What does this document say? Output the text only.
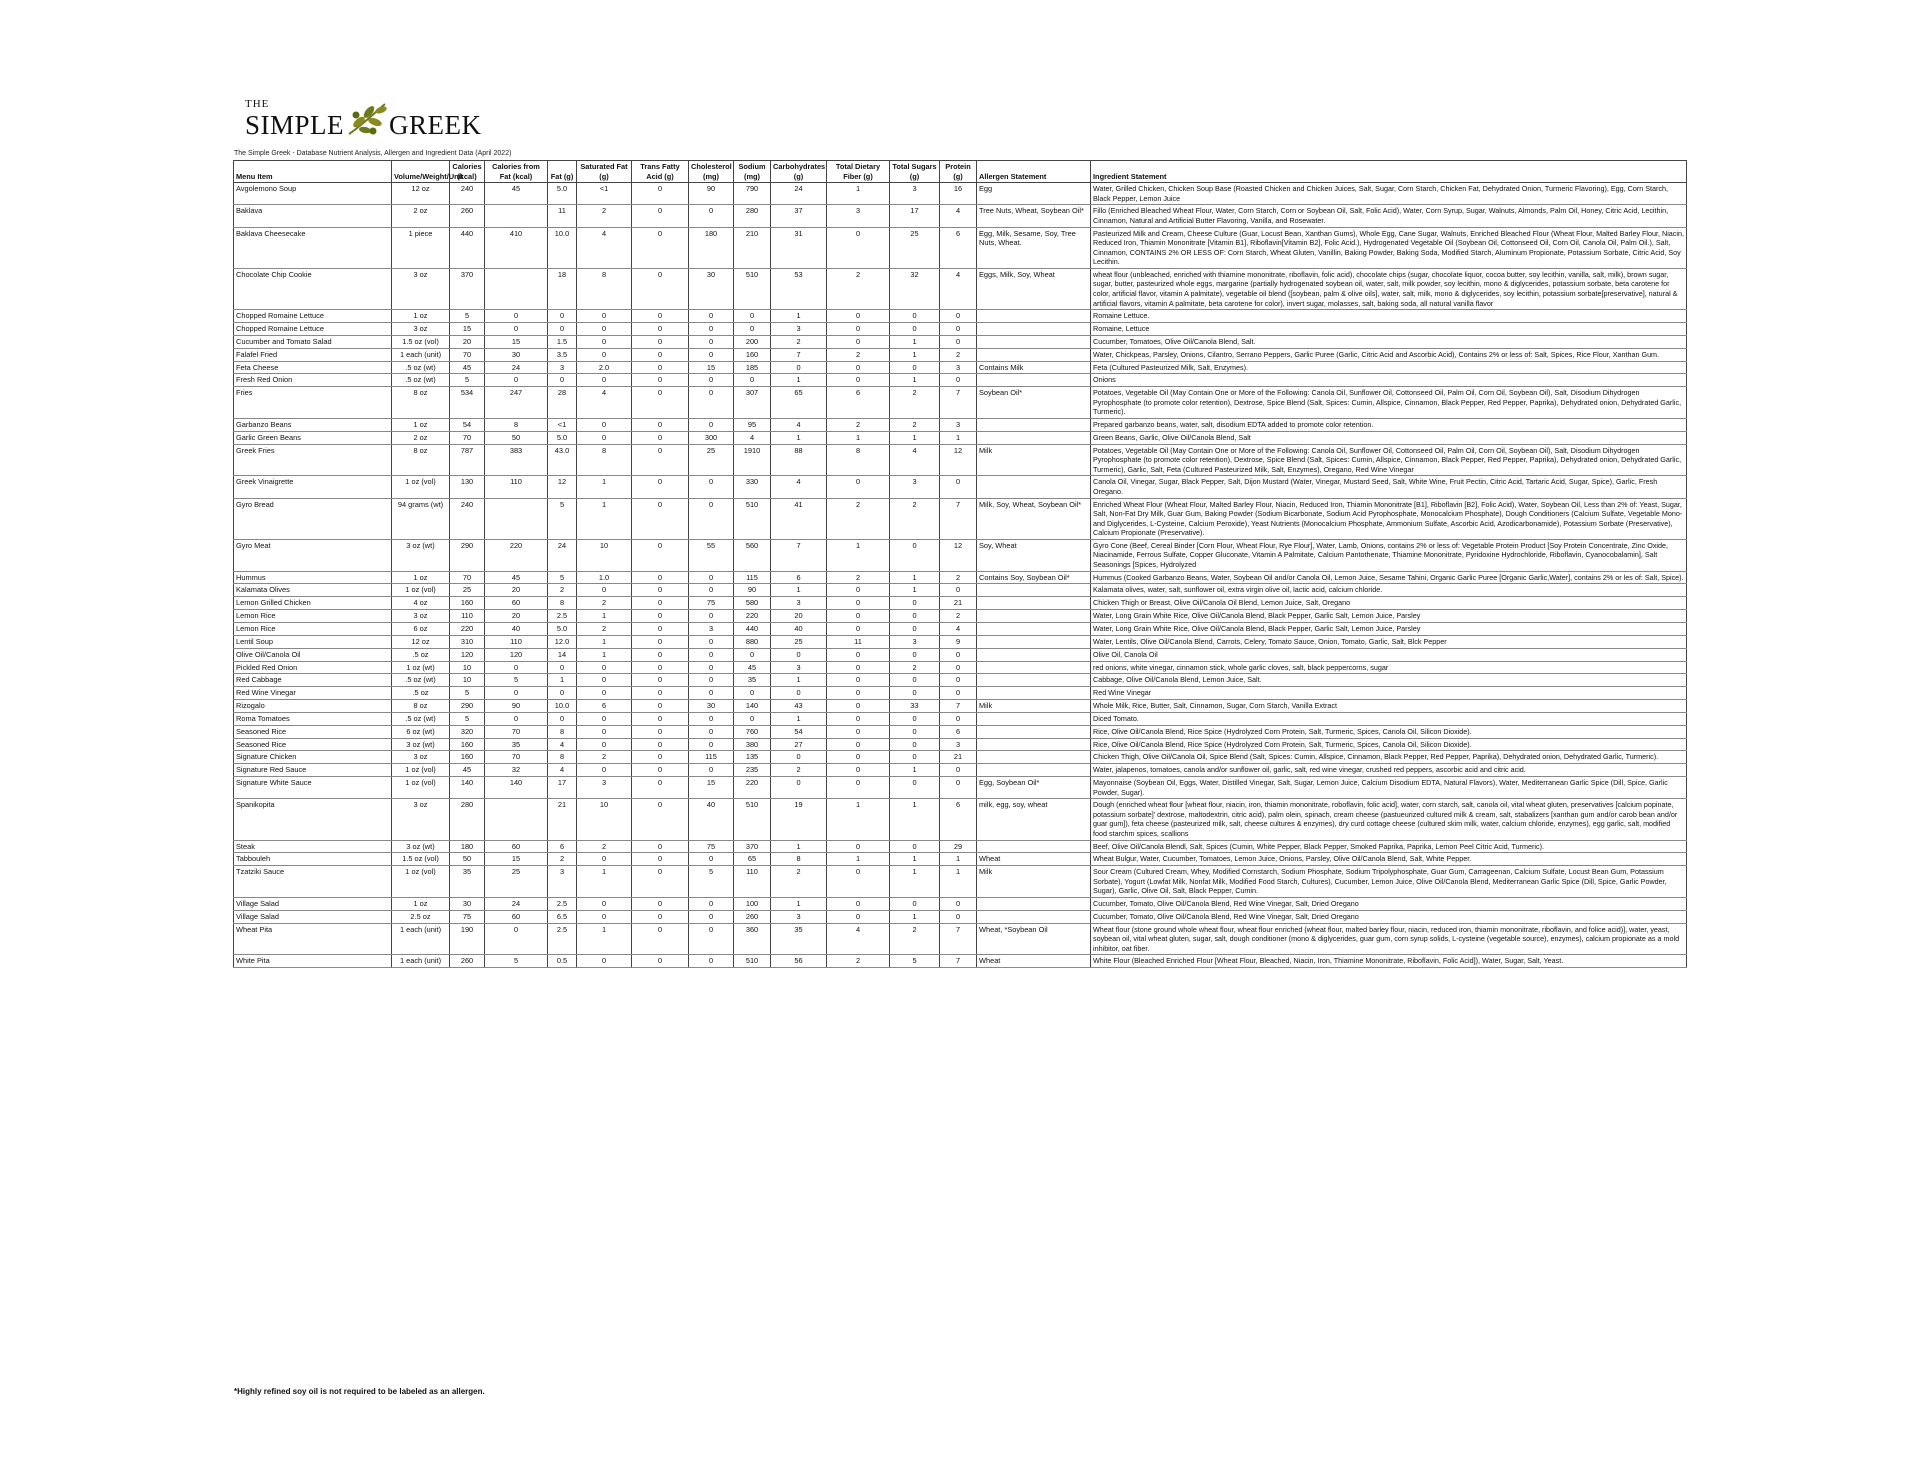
THE
SIMPLE GREEK
The Simple Greek - Database Nutrient Analysis, Allergen and Ingredient Data (April 2022)
Menu Item	Volume/Weight/Unit	Calories (kcal)	Calories from Fat (kcal)	Fat (g)	Saturated Fat (g)	Trans Fatty Acid (g)	Cholesterol (mg)	Sodium (mg)	Carbohydrates (g)	Total Dietary Fiber (g)	Total Sugars (g)	Protein (g)	Allergen Statement	Ingredient Statement
Avgolemono Soup	12 oz	240	45	5.0	<1	0	90	790	24	1	3	16	Egg	Water, Grilled Chicken, Chicken Soup Base (Roasted Chicken and Chicken Juices, Salt, Sugar, Corn Starch, Chicken Fat, Dehydrated Onion, Turmeric Flavoring), Egg, Corn Starch, Black Pepper, Lemon Juice
Baklava	2 oz	260		11	2	0	0	280	37	3	17	4	Tree Nuts, Wheat, Soybean Oil*	Fillo (Enriched Bleached Wheat Flour, Water, Corn Starch, Corn or Soybean Oil, Salt, Folic Acid), Water, Corn Syrup, Sugar, Walnuts, Almonds, Palm Oil, Honey, Citric Acid, Lecithin, Cinnamon, Natural and Artificial Butter Flavoring, Vanilla, and Rosewater.
Baklava Cheesecake	1 piece	440	410	10.0	4	0	180	210	31	0	25	6	Egg, Milk, Sesame, Soy, Tree Nuts, Wheat.	Pasteurized Milk and Cream, Cheese Culture (Guar, Locust Bean, Xanthan Gums), Whole Egg, Cane Sugar, Walnuts, Enriched Bleached Flour (Wheat Flour, Malted Barley Flour, Niacin, Reduced Iron, Thiamin Mononitrate [Vitamin B1], Riboflavin[Vitamin B2], Folic Acid.), Hydrogenated Vegetable Oil (Soybean Oil, Cottonseed Oil, Corn Oil, Canola Oil, Palm Oil.), Salt, Cinnamon, CONTAINS 2% OR LESS OF: Corn Starch, Wheat Gluten, Vanillin, Baking Powder, Baking Soda, Modified Starch, Aluminum Propionate, Potassium Sorbate, Citric Acid, Soy Lecithin.
Chocolate Chip Cookie	3 oz	370		18	8	0	30	510	53	2	32	4	Eggs, Milk, Soy, Wheat	wheat flour (unbleached, enriched with thiamine mononitrate, riboflavin, folic acid), chocolate chips (sugar, chocolate liquor, cocoa butter, soy lecithin, vanilla, salt, milk), brown sugar, sugar, butter, pasteurized whole eggs, margarine (partially hydrogenated soybean oil, water, salt, milk powder, soy lecithin, mono & diglycerides, potassium sorbate, beta carotene for color, artificial flavor, vitamin A palmitate), vegetable oil blend ([soybean, palm & olive oils], water, salt, milk, mono & diglycerides, soy lecithin, potassium sorbate[preservative], natural & artificial flavors, vitamin A palmitate, beta carotene for color), invert sugar, molasses, salt, baking soda, all natural vanilla flavor
Chopped Romaine Lettuce	1 oz	5	0	0	0	0	0	0	1	0	0	0		Romaine Lettuce.
Chopped Romaine Lettuce	3 oz	15	0	0	0	0	0	0	3	0	0	0		Romaine, Lettuce
Cucumber and Tomato Salad	1.5 oz (vol)	20	15	1.5	0	0	0	200	2	0	1	0		Cucumber, Tomatoes, Olive Oil/Canola Blend, Salt.
Falafel Fried	1 each (unit)	70	30	3.5	0	0	0	160	7	2	1	2		Water, Chickpeas, Parsley, Onions, Cilantro, Serrano Peppers, Garlic Puree (Garlic, Citric Acid and Ascorbic Acid), Contains 2% or less of: Salt, Spices, Rice Flour, Xanthan Gum.
Feta Cheese	.5 oz (wt)	45	24	3	2.0	0	15	185	0	0	0	3	Contains Milk	Feta (Cultured Pasteurized Milk, Salt, Enzymes).
Fresh Red Onion	.5 oz (wt)	5	0	0	0	0	0	0	1	0	1	0		Onions
Fries	8 oz	534	247	28	4	0	0	307	65	6	2	7	Soybean Oil*	Potatoes, Vegetable Oil (May Contain One or More of the Following: Canola Oil, Sunflower Oil, Cottonseed Oil, Palm Oil, Corn Oil, Soybean Oil), Salt, Disodium Dihydrogen Pyrophosphate (to promote color retention), Dextrose, Spice Blend (Salt, Spices: Cumin, Allspice, Cinnamon, Black Pepper, Red Pepper, Paprika), Dehydrated onion, Dehydrated Garlic, Turmeric).
Garbanzo Beans	1 oz	54	8	<1	0	0	0	95	4	2	2	3		Prepared garbanzo beans, water, salt, disodium EDTA added to promote color retention.
Garlic Green Beans	2 oz	70	50	5.0	0	0	300	4	1	1	1	1		Green Beans, Garlic, Olive Oil/Canola Blend, Salt
Greek Fries	8 oz	787	383	43.0	8	0	25	1910	88	8	4	12	Milk	Potatoes, Vegetable Oil (May Contain One or More of the Following: Canola Oil, Sunflower Oil, Cottonseed Oil, Palm Oil, Corn Oil, Soybean Oil), Salt, Disodium Dihydrogen Pyrophosphate (to promote color retention), Dextrose, Spice Blend (Salt, Spices: Cumin, Allspice, Cinnamon, Black Pepper, Red Pepper, Paprika), Dehydrated onion, Dehydrated Garlic, Turmeric), Garlic, Salt, Feta (Cultured Pasteurized Milk, Salt, Enzymes), Oregano, Red Wine Vinegar
Greek Vinaigrette	1 oz (vol)	130	110	12	1	0	0	330	4	0	3	0		Canola Oil, Vinegar, Sugar, Black Pepper, Salt, Dijon Mustard (Water, Vinegar, Mustard Seed, Salt, White Wine, Fruit Pectin, Citric Acid, Tartaric Acid, Sugar, Spice), Garlic, Fresh Oregano.
Gyro Bread	94 grams (wt)	240		5	1	0	0	510	41	2	2	7	Milk, Soy, Wheat, Soybean Oil*	Enriched Wheat Flour (Wheat Flour, Malted Barley Flour, Niacin, Reduced Iron, Thiamin Mononitrate [B1], Riboflavin [B2], Folic Acid), Water, Soybean Oil, Less than 2% of: Yeast, Sugar, Salt, Non-Fat Dry Milk, Guar Gum, Baking Powder (Sodium Bicarbonate, Sodium Acid Pyrophosphate, Monocalcium Phosphate), Dough Conditioners (Calcium Sulfate, Vegetable Mono-and Diglycerides, L-Cysteine, Calcium Peroxide), Yeast Nutrients (Monocalcium Phosphate, Ammonium Sulfate, Ascorbic Acid, Azodicarbonamide), Potassium Sorbate (Preservative), Calcium Propionate (Preservative).
Gyro Meat	3 oz (wt)	290	220	24	10	0	55	560	7	1	0	12	Soy, Wheat	Gyro Cone (Beef, Cereal Binder [Corn Flour, Wheat Flour, Rye Flour], Water, Lamb, Onions, contains 2% or less of: Vegetable Protein Product [Soy Protein Concentrate, Zinc Oxide, Niacinamide, Ferrous Sulfate, Copper Gluconate, Vitamin A Palmitate, Calcium Pantothenate, Thiamine Mononitrate, Pyridoxine Hydrochloride, Riboflavin, Cyanocobalamin], Salt Seasonings [Spices, Hydrolyzed
Hummus	1 oz	70	45	5	1.0	0	0	115	6	2	1	2	Contains Soy, Soybean Oil*	Hummus (Cooked Garbanzo Beans, Water, Soybean Oil and/or Canola Oil, Lemon Juice, Sesame Tahini, Organic Garlic Puree [Organic Garlic,Water], contains 2% or les of: Salt, Spice).
Kalamata Olives	1 oz (vol)	25	20	2	0	0	0	90	1	0	1	0		Kalamata olives, water, salt, sunflower oil, extra virgin olive oil, lactic acid, calcium chloride.
Lemon Grilled Chicken	4 oz	160	60	8	2	0	75	580	3	0	0	21		Chicken Thigh or Breast, Olive Oil/Canola Oil Blend, Lemon Juice, Salt, Oregano
Lemon Rice	3 oz	110	20	2.5	1	0	0	220	20	0	0	2		Water, Long Grain White Rice, Olive Oil/Canola Blend, Black Pepper, Garlic Salt, Lemon Juice, Parsley
Lemon Rice	6 oz	220	40	5.0	2	0	3	440	40	0	0	4		Water, Long Grain White Rice, Olive Oil/Canola Blend, Black Pepper, Garlic Salt, Lemon Juice, Parsley
Lentil Soup	12 oz	310	110	12.0	1	0	0	880	25	11	3	9		Water, Lentils, Olive Oil/Canola Blend, Carrots, Celery, Tomato Sauce, Onion, Tomato, Garlic, Salt, Blck Pepper
Olive Oil/Canola Oil	.5 oz	120	120	14	1	0	0	0	0	0	0	0		Olive Oil, Canola Oil
Pickled Red Onion	1 oz (wt)	10	0	0	0	0	0	45	3	0	2	0		red onions, white vinegar, cinnamon stick, whole garlic cloves, salt, black peppercorns, sugar
Red Cabbage	.5 oz (wt)	10	5	1	0	0	0	35	1	0	0	0		Cabbage, Olive Oil/Canola Blend, Lemon Juice, Salt.
Red Wine Vinegar	.5 oz	5	0	0	0	0	0	0	0	0	0	0		Red Wine Vinegar
Rizogalo	8 oz	290	90	10.0	6	0	30	140	43	0	33	7	Milk	Whole Milk, Rice, Butter, Salt, Cinnamon, Sugar, Corn Starch, Vanilla Extract
Roma Tomatoes	.5 oz (wt)	5	0	0	0	0	0	0	1	0	0	0		Diced Tomato.
Seasoned Rice	6 oz (wt)	320	70	8	0	0	0	760	54	0	0	6		Rice, Olive Oil/Canola Blend, Rice Spice (Hydrolyzed Corn Protein, Salt, Turmeric, Spices, Canola Oil, Silicon Dioxide).
Seasoned Rice	3 oz (wt)	160	35	4	0	0	0	380	27	0	0	3		Rice, Olive Oil/Canola Blend, Rice Spice (Hydrolyzed Corn Protein, Salt, Turmeric, Spices, Canola Oil, Silicon Dioxide).
Signature Chicken	3 oz	160	70	8	2	0	115	135	0	0	0	21		Chicken Thigh, Olive Oil/Canola Oil, Spice Blend (Salt, Spices: Cumin, Allspice, Cinnamon, Black Pepper, Red Pepper, Paprika), Dehydrated onion, Dehydrated Garlic, Turmeric).
Signature Red Sauce	1 oz (vol)	45	32	4	0	0	0	235	2	0	1	0		Water, jalapenos, tomatoes, canola and/or sunflower oil, garlic, salt, red wine vinegar, crushed red peppers, ascorbic acid and citric acid.
Signature White Sauce	1 oz (vol)	140	140	17	3	0	15	220	0	0	0	0	Egg, Soybean Oil*	Mayonnaise (Soybean Oil, Eggs, Water, Distilled Vinegar, Salt, Sugar, Lemon Juice, Calcium Disodium EDTA, Natural Flavors), Water, Mediterranean Garlic Spice (Dill, Spice, Garlic Powder, Sugar).
Spanikopita	3 oz	280		21	10	0	40	510	19	1	1	6	milk, egg, soy, wheat	Dough (enriched wheat flour [wheat flour, niacin, iron, thiamin mononitrate, roboflavin, folic acid], water, corn starch, salt, canola oil, vital wheat gluten, preservatives [calcium popinate, potassium sorbate]' dextrose, maltodextrin, citric acid), palm olein, spinach, cream cheese (pastueurized cultured milk & cream, salt, stabalizers [xanthan gum and/or carob bean and/or guar gum]), feta cheese (pasteurized milk, salt, cheese cultures & enzymes), dry curd cottage cheese (cultured skim milk, water, calcium chloride, enzymes), egg garlic, salt, modified food starchm spices, scallions
Steak	3 oz (wt)	180	60	6	2	0	75	370	1	0	0	29		Beef, Olive Oil/Canola Blendl, Salt, Spices (Cumin, White Pepper, Black Pepper, Smoked Paprika, Paprika, Lemon Peel Citric Acid, Turmeric).
Tabbouleh	1.5 oz (vol)	50	15	2	0	0	0	65	8	1	1	1	Wheat	Wheat Bulgur, Water, Cucumber, Tomatoes, Lemon Juice, Onions, Parsley, Olive Oil/Canola Blend, Salt, White Pepper.
Tzatziki Sauce	1 oz (vol)	35	25	3	1	0	5	110	2	0	1	1	Milk	Sour Cream (Cultured Cream, Whey, Modified Cornstarch, Sodium Phosphate, Sodium Tripolyphosphate, Guar Gum, Carrageenan, Calcium Sulfate, Locust Bean Gum, Potassium Sorbate), Yogurt (Lowfat Milk, Nonfat Milk, Modified Food Starch, Cultures), Cucumber, Lemon Juice, Olive Oil/Canola Blend, Mediterranean Garlic Spice (Dill, Spice, Garlic Powder, Sugar), Garlic, Olive Oil, Salt, Black Pepper, Cumin.
Village Salad	1 oz	30	24	2.5	0	0	0	100	1	0	0	0		Cucumber, Tomato, Olive Oil/Canola Blend, Red Wine Vinegar, Salt, Dried Oregano
Village Salad	2.5 oz	75	60	6.5	0	0	0	260	3	0	1	0		Cucumber, Tomato, Olive Oil/Canola Blend, Red Wine Vinegar, Salt, Dried Oregano
Wheat Pita	1 each (unit)	190	0	2.5	1	0	0	360	35	4	2	7	Wheat, *Soybean Oil	Wheat flour (stone ground whole wheat flour, wheat flour enriched (wheat flour, malted barley flour, niacin, reduced iron, thiamin mononitrate, riboflavin, and folice acid)], water, yeast, soybean oil, vital wheat gluten, sugar, salt, dough conditioner (mono & diglycerides, guar gum, corn syrup solids, L-cysteine (vegetable source), enzymes), calcium propionate as a mold inhibitor, oat fiber.
White Pita	1 each (unit)	260	5	0.5	0	0	0	510	56	2	5	7	Wheat	White Flour (Bleached Enriched Flour [Wheat Flour, Bleached, Niacin, Iron, Thiamine Mononitrate, Riboflavin, Folic Acid]), Water, Sugar, Salt, Yeast.
*Highly refined soy oil is not required to be labeled as an allergen.
